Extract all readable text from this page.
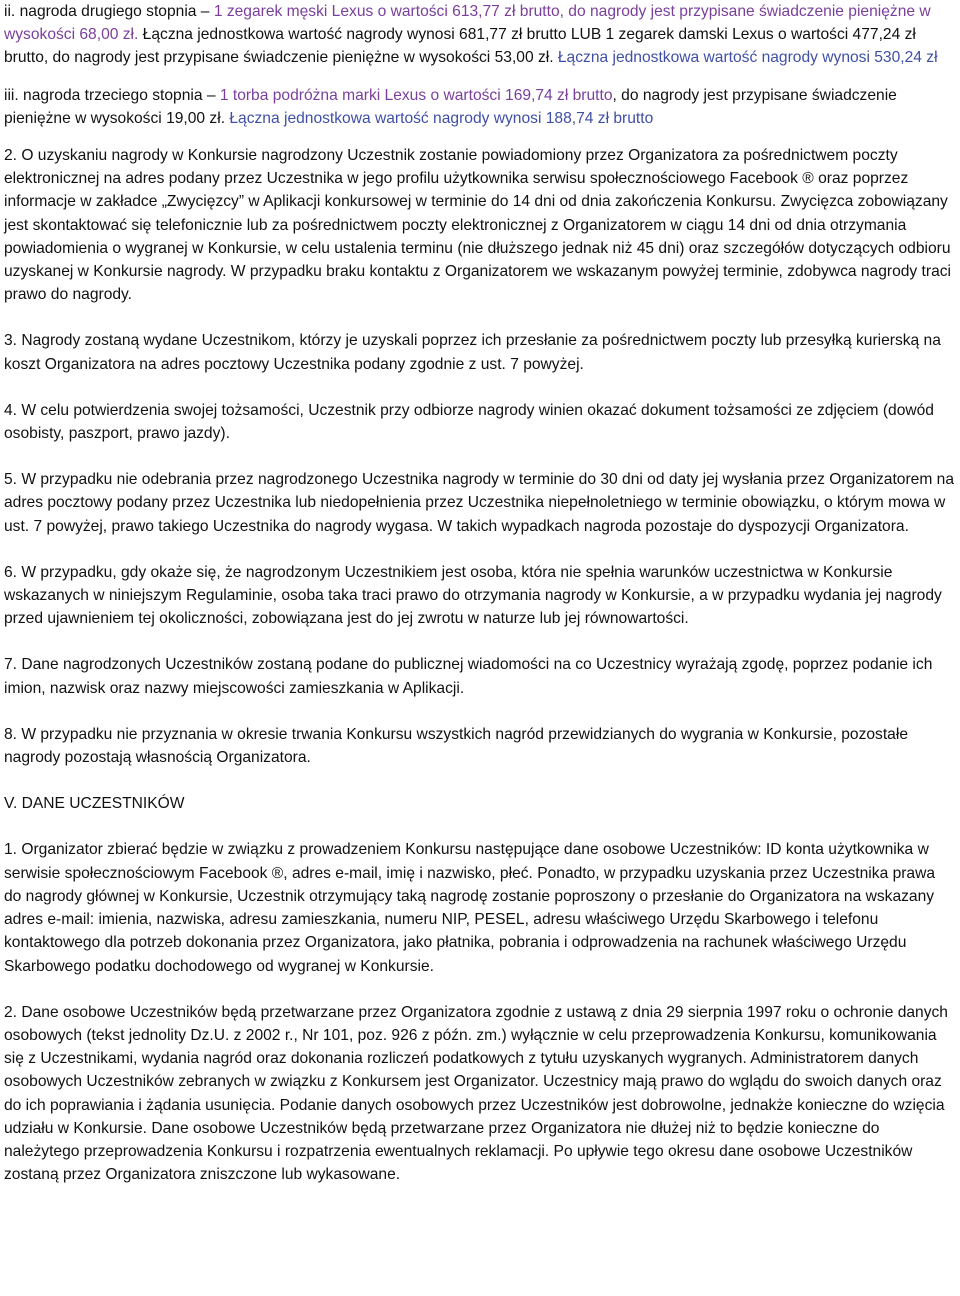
ii. nagroda drugiego stopnia – 1 zegarek męski Lexus o wartości 613,77 zł brutto, do nagrody jest przypisane świadczenie pieniężne w wysokości 68,00 zł. Łączna jednostkowa wartość nagrody wynosi 681,77 zł brutto LUB 1 zegarek damski Lexus o wartości 477,24 zł brutto, do nagrody jest przypisane świadczenie pieniężne w wysokości 53,00 zł. Łączna jednostkowa wartość nagrody wynosi 530,24 zł

iii. nagroda trzeciego stopnia – 1 torba podróżna marki Lexus o wartości 169,74 zł brutto, do nagrody jest przypisane świadczenie pieniężne w wysokości 19,00 zł. Łączna jednostkowa wartość nagrody wynosi 188,74 zł brutto

2. O uzyskaniu nagrody w Konkursie nagrodzony Uczestnik zostanie powiadomiony przez Organizatora za pośrednictwem poczty elektronicznej na adres podany przez Uczestnika w jego profilu użytkownika serwisu społecznościowego Facebook ® oraz poprzez informacje w zakładce „Zwycięzcy” w Aplikacji konkursowej w terminie do 14 dni od dnia zakończenia Konkursu. Zwycięzca zobowiązany jest skontaktować się telefonicznie lub za pośrednictwem poczty elektronicznej z Organizatorem w ciągu 14 dni od dnia otrzymania powiadomienia o wygranej w Konkursie, w celu ustalenia terminu (nie dłuższego jednak niż 45 dni) oraz szczegółów dotyczących odbioru uzyskanej w Konkursie nagrody. W przypadku braku kontaktu z Organizatorem we wskazanym powyżej terminie, zdobywca nagrody traci prawo do nagrody.

3. Nagrody zostaną wydane Uczestnikom, którzy je uzyskali poprzez ich przesłanie za pośrednictwem poczty lub przesyłką kurierską na koszt Organizatora na adres pocztowy Uczestnika podany zgodnie z ust. 7 powyżej.

4. W celu potwierdzenia swojej tożsamości, Uczestnik przy odbiorze nagrody winien okazać dokument tożsamości ze zdjęciem (dowód osobisty, paszport, prawo jazdy).

5. W przypadku nie odebrania przez nagrodzonego Uczestnika nagrody w terminie do 30 dni od daty jej wysłania przez Organizatorem na adres pocztowy podany przez Uczestnika lub niedopełnienia przez Uczestnika niepełnoletniego w terminie obowiązku, o którym mowa w ust. 7 powyżej, prawo takiego Uczestnika do nagrody wygasa. W takich wypadkach nagroda pozostaje do dyspozycji Organizatora.

6. W przypadku, gdy okaże się, że nagrodzonym Uczestnikiem jest osoba, która nie spełnia warunków uczestnictwa w Konkursie wskazanych w niniejszym Regulaminie, osoba taka traci prawo do otrzymania nagrody w Konkursie, a w przypadku wydania jej nagrody przed ujawnieniem tej okoliczności, zobowiązana jest do jej zwrotu w naturze lub jej równowartości.

7. Dane nagrodzonych Uczestników zostaną podane do publicznej wiadomości na co Uczestnicy wyrażają zgodę, poprzez podanie ich imion, nazwisk oraz nazwy miejscowości zamieszkania w Aplikacji.

8. W przypadku nie przyznania w okresie trwania Konkursu wszystkich nagród przewidzianych do wygrania w Konkursie, pozostałe nagrody pozostają własnością Organizatora.

V. DANE UCZESTNIKÓW

1. Organizator zbierać będzie w związku z prowadzeniem Konkursu następujące dane osobowe Uczestników: ID konta użytkownika w serwisie społecznościowym Facebook ®, adres e-mail, imię i nazwisko, płeć. Ponadto, w przypadku uzyskania przez Uczestnika prawa do nagrody głównej w Konkursie, Uczestnik otrzymujący taką nagrodę zostanie poproszony o przesłanie do Organizatora na wskazany adres e-mail: imienia, nazwiska, adresu zamieszkania, numeru NIP, PESEL, adresu właściwego Urzędu Skarbowego i telefonu kontaktowego dla potrzeb dokonania przez Organizatora, jako płatnika, pobrania i odprowadzenia na rachunek właściwego Urzędu Skarbowego podatku dochodowego od wygranej w Konkursie.

2. Dane osobowe Uczestników będą przetwarzane przez Organizatora zgodnie z ustawą z dnia 29 sierpnia 1997 roku o ochronie danych osobowych (tekst jednolity Dz.U. z 2002 r., Nr 101, poz. 926 z późn. zm.) wyłącznie w celu przeprowadzenia Konkursu, komunikowania się z Uczestnikami, wydania nagród oraz dokonania rozliczeń podatkowych z tytułu uzyskanych wygranych. Administratorem danych osobowych Uczestników zebranych w związku z Konkursem jest Organizator. Uczestnicy mają prawo do wglądu do swoich danych oraz do ich poprawiania i żądania usunięcia. Podanie danych osobowych przez Uczestników jest dobrowolne, jednakże konieczne do wzięcia udziału w Konkursie. Dane osobowe Uczestników będą przetwarzane przez Organizatora nie dłużej niż to będzie konieczne do należytego przeprowadzenia Konkursu i rozpatrzenia ewentualnych reklamacji. Po upływie tego okresu dane osobowe Uczestników zostaną przez Organizatora zniszczone lub wykasowane.
